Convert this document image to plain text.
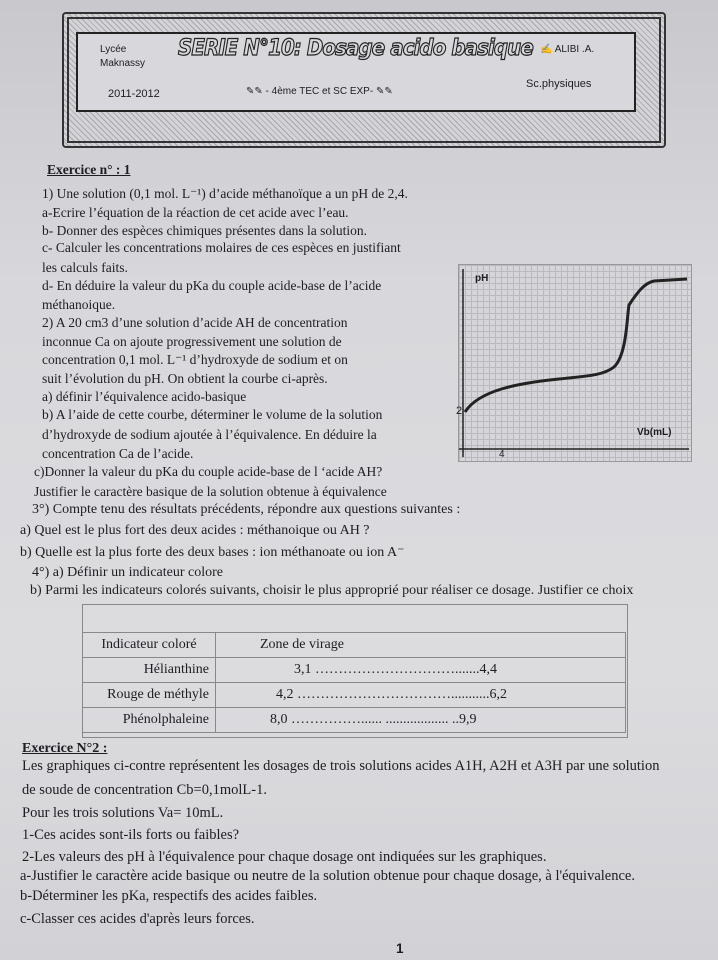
Lycée
Maknassy
2011-2012
SERIE N°10: Dosage acido basique ✍ ALIBI .A.
Sc.physiques
✎✎ - 4ème TEC et SC EXP- ✎✎
Exercice n° : 1
1) Une solution (0,1 mol. L⁻¹) d’acide méthanoïque a un pH de 2,4.
a-Ecrire l’équation de la réaction de cet acide avec l’eau.
b- Donner des espèces chimiques présentes dans la solution.
c- Calculer les concentrations molaires de ces espèces en justifiant
les calculs faits.
d- En déduire la valeur du pKa du couple acide-base de l’acide
méthanoique.
2) A 20 cm3 d’une solution d’acide AH de concentration
inconnue Ca on ajoute progressivement une solution de
concentration 0,1 mol. L⁻¹ d’hydroxyde de sodium et on
suit l’évolution du pH. On obtient la courbe ci-après.
a) définir l’équivalence acido-basique
b) A l’aide de cette courbe, déterminer le volume de la solution
d’hydroxyde de sodium ajoutée à l’équivalence. En déduire la
concentration Ca de l’acide.
c)Donner la valeur du pKa du couple acide-base de l ‘acide AH?
Justifier le caractère basique de la solution obtenue à équivalence
3°) Compte tenu des résultats précédents, répondre aux questions suivantes :
a) Quel est le plus fort des deux acides : méthanoique ou AH ?
b) Quelle est la plus forte des deux bases : ion méthanoate ou ion A⁻
4°) a) Définir un indicateur colore
b) Parmi les indicateurs colorés suivants, choisir le plus approprié pour réaliser ce dosage. Justifier ce choix
pH
Vb(mL)
2
4
Indicateur coloré	Zone de virage
Hélianthine	3,1 ………………………….......4,4
Rouge de méthyle	4,2 ……………………………...........6,2
Phénolphaleine	8,0 ……………...... .................. ..9,9
Exercice N°2 :
Les graphiques ci-contre représentent les dosages de trois solutions acides A1H, A2H et A3H par une solution
de soude de concentration Cb=0,1molL-1.
Pour les trois solutions Va= 10mL.
1-Ces acides sont-ils forts ou faibles?
2-Les valeurs des pH à l'équivalence pour chaque dosage ont indiquées sur les graphiques.
a-Justifier le caractère acide basique ou neutre de la solution obtenue pour chaque dosage, à l'équivalence.
b-Déterminer les pKa, respectifs des acides faibles.
c-Classer ces acides d'après leurs forces.
1
